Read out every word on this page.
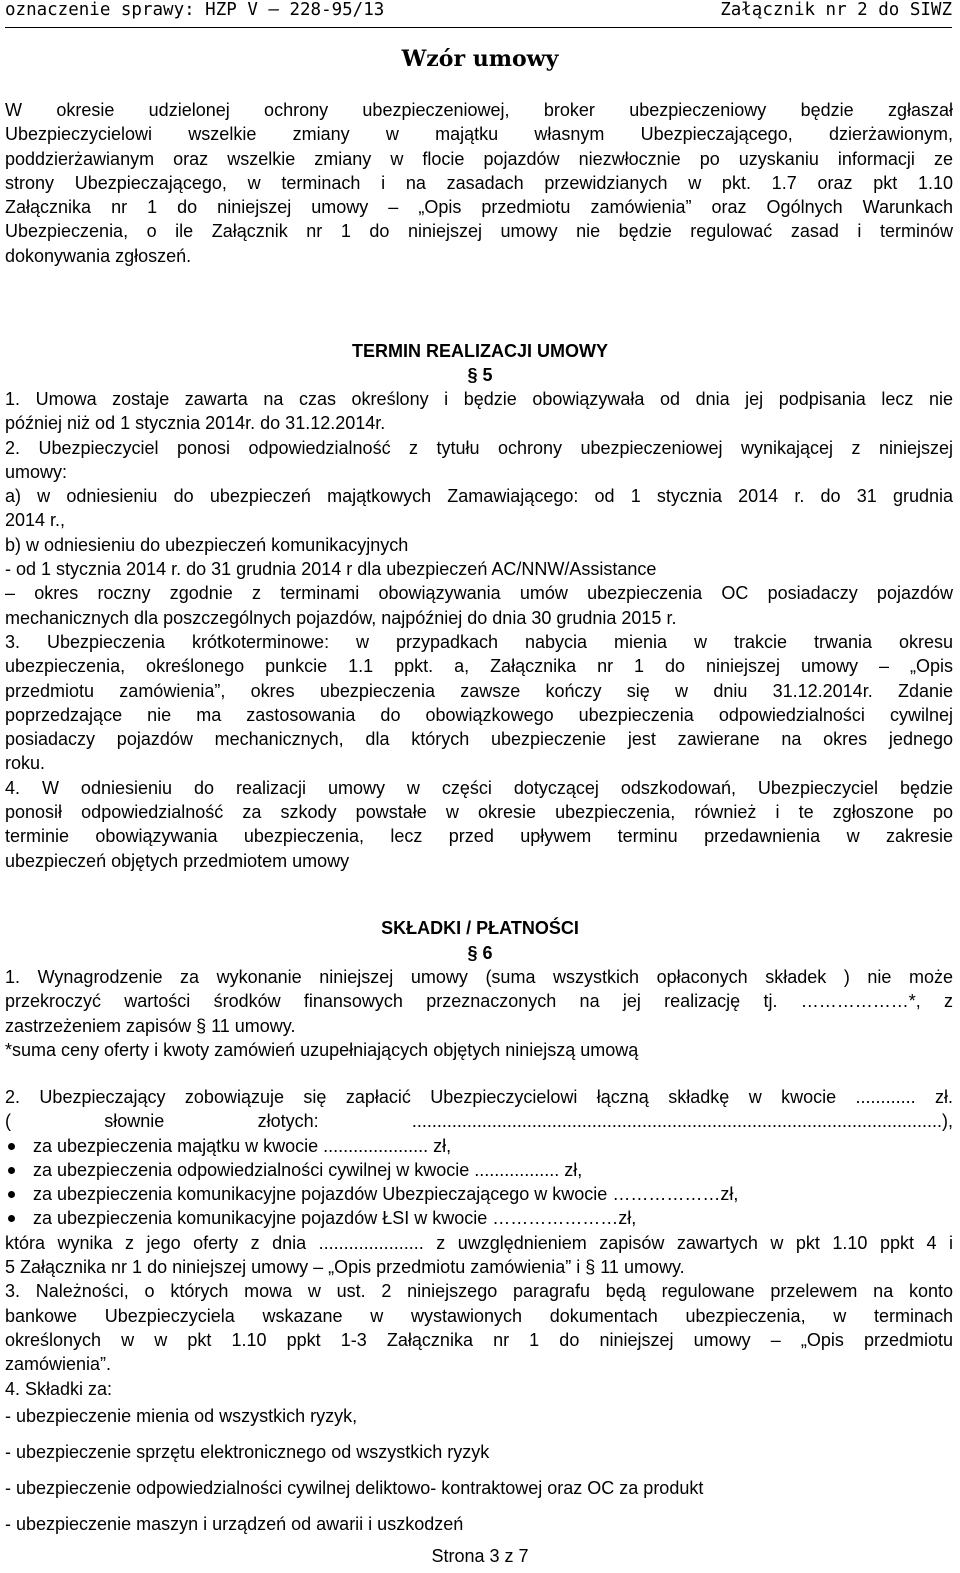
oznaczenie sprawy: HZP V – 228-95/13	Załącznik nr 2 do SIWZ
Wzór umowy
W okresie udzielonej ochrony ubezpieczeniowej, broker ubezpieczeniowy będzie zgłaszał
Ubezpieczycielowi wszelkie zmiany w majątku własnym Ubezpieczającego, dzierżawionym,
poddzierżawianym oraz wszelkie zmiany w flocie pojazdów niezwłocznie po uzyskaniu informacji ze
strony Ubezpieczającego, w terminach i na zasadach przewidzianych w pkt. 1.7 oraz pkt 1.10
Załącznika nr 1 do niniejszej umowy – „Opis przedmiotu zamówienia” oraz Ogólnych Warunkach
Ubezpieczenia, o ile Załącznik nr 1 do niniejszej umowy nie będzie regulować zasad i terminów
dokonywania zgłoszeń.
TERMIN REALIZACJI UMOWY
§ 5
1. Umowa zostaje zawarta na czas określony i będzie obowiązywała od dnia jej podpisania lecz nie
później niż od 1 stycznia 2014r. do 31.12.2014r.
2. Ubezpieczyciel ponosi odpowiedzialność z tytułu ochrony ubezpieczeniowej wynikającej z niniejszej
umowy:
a) w odniesieniu do ubezpieczeń majątkowych Zamawiającego: od 1 stycznia 2014 r. do 31 grudnia
2014 r.,
b) w odniesieniu do ubezpieczeń komunikacyjnych
- od 1 stycznia 2014 r. do 31 grudnia 2014 r dla ubezpieczeń AC/NNW/Assistance
– okres roczny zgodnie z terminami obowiązywania umów ubezpieczenia OC posiadaczy pojazdów
mechanicznych dla poszczególnych pojazdów, najpóźniej do dnia 30 grudnia 2015 r.
3. Ubezpieczenia krótkoterminowe: w przypadkach nabycia mienia w trakcie trwania okresu
ubezpieczenia, określonego punkcie 1.1 ppkt. a, Załącznika nr 1 do niniejszej umowy – „Opis
przedmiotu zamówienia”, okres ubezpieczenia zawsze kończy się w dniu 31.12.2014r. Zdanie
poprzedzające nie ma zastosowania do obowiązkowego ubezpieczenia odpowiedzialności cywilnej
posiadaczy pojazdów mechanicznych, dla których ubezpieczenie jest zawierane na okres jednego
roku.
4. W odniesieniu do realizacji umowy w części dotyczącej odszkodowań, Ubezpieczyciel będzie
ponosił odpowiedzialność za szkody powstałe w okresie ubezpieczenia, również i te zgłoszone po
terminie obowiązywania ubezpieczenia, lecz przed upływem terminu przedawnienia w zakresie
ubezpieczeń objętych przedmiotem umowy
SKŁADKI / PŁATNOŚCI
§ 6
1. Wynagrodzenie za wykonanie niniejszej umowy (suma wszystkich opłaconych składek ) nie może
przekroczyć wartości środków finansowych przeznaczonych na jej realizację tj. ………………*, z
zastrzeżeniem zapisów § 11 umowy.
*suma ceny oferty i kwoty zamówień uzupełniających objętych niniejszą umową
2. Ubezpieczający zobowiązuje się zapłacić Ubezpieczycielowi łączną składkę w kwocie ............ zł.
( słownie złotych: ..........................................................................................................),
za ubezpieczenia majątku w kwocie ..................... zł,
za ubezpieczenia odpowiedzialności cywilnej w kwocie ................. zł,
za ubezpieczenia komunikacyjne pojazdów Ubezpieczającego w kwocie ………………zł,
za ubezpieczenia komunikacyjne pojazdów ŁSI w kwocie …………………zł,
która wynika z jego oferty z dnia ..................... z uwzględnieniem zapisów zawartych w pkt 1.10 ppkt 4 i
5 Załącznika nr 1 do niniejszej umowy – „Opis przedmiotu zamówienia” i § 11 umowy.
3. Należności, o których mowa w ust. 2 niniejszego paragrafu będą regulowane przelewem na konto
bankowe Ubezpieczyciela wskazane w wystawionych dokumentach ubezpieczenia, w terminach
określonych w w pkt 1.10 ppkt 1-3 Załącznika nr 1 do niniejszej umowy – „Opis przedmiotu
zamówienia”.
4. Składki za:
- ubezpieczenie mienia od wszystkich ryzyk,
- ubezpieczenie sprzętu elektronicznego od wszystkich ryzyk
- ubezpieczenie odpowiedzialności cywilnej deliktowo- kontraktowej oraz OC za produkt
- ubezpieczenie maszyn i urządzeń od awarii i uszkodzeń
Strona 3 z 7
